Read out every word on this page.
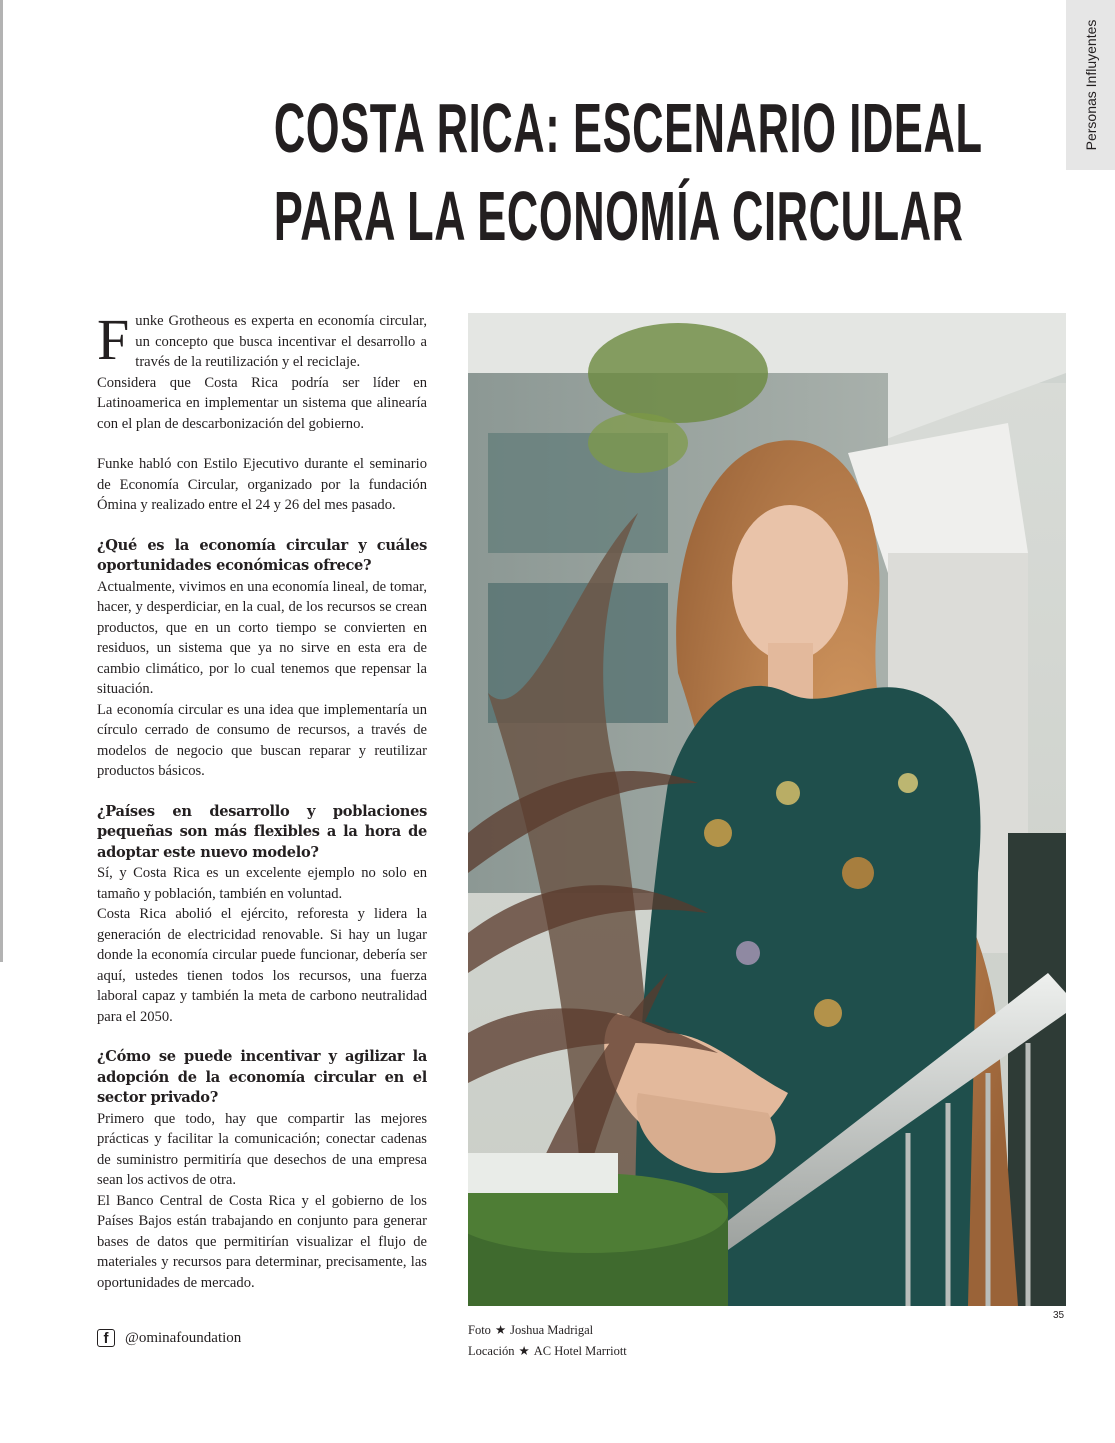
Personas Influyentes
COSTA RICA: ESCENARIO IDEAL
PARA LA ECONOMÍA CIRCULAR

Funke Grotheous es experta en economía circular, un concepto que busca incentivar el desarrollo a través de la reutilización y el reciclaje.

Considera que Costa Rica podría ser líder en Latinoamerica en implementar un sistema que alinearía con el plan de descarbonización del gobierno.

Funke habló con Estilo Ejecutivo durante el seminario de Economía Circular, organizado por la fundación Ómina y realizado entre el 24 y 26 del mes pasado.

¿Qué es la economía circular y cuáles oportunidades económicas ofrece?

Actualmente, vivimos en una economía lineal, de tomar, hacer, y desperdiciar, en la cual, de los recursos se crean productos, que en un corto tiempo se convierten en residuos, un sistema que ya no sirve en esta era de cambio climático, por lo cual tenemos que repensar la situación.

La economía circular es una idea que implementaría un círculo cerrado de consumo de recursos, a través de modelos de negocio que buscan reparar y reutilizar productos básicos.

¿Países en desarrollo y poblaciones pequeñas son más flexibles a la hora de adoptar este nuevo modelo?

Sí, y Costa Rica es un excelente ejemplo no solo en tamaño y población, también en voluntad.

Costa Rica abolió el ejército, reforesta y lidera la generación de electricidad renovable. Si hay un lugar donde la economía circular puede funcionar, debería ser aquí, ustedes tienen todos los recursos, una fuerza laboral capaz y también la meta de carbono neutralidad para el 2050.

¿Cómo se puede incentivar y agilizar la adopción de la economía circular en el sector privado?

Primero que todo, hay que compartir las mejores prácticas y facilitar la comunicación; conectar cadenas de suministro permitiría que desechos de una empresa sean los activos de otra.

El Banco Central de Costa Rica y el gobierno de los Países Bajos están trabajando en conjunto para generar bases de datos que permitirían visualizar el flujo de materiales y recursos para determinar, precisamente, las oportunidades de mercado.

f	@ominafoundation	Foto ★ Joshua Madrigal
Locación ★ AC Hotel Marriott
35
